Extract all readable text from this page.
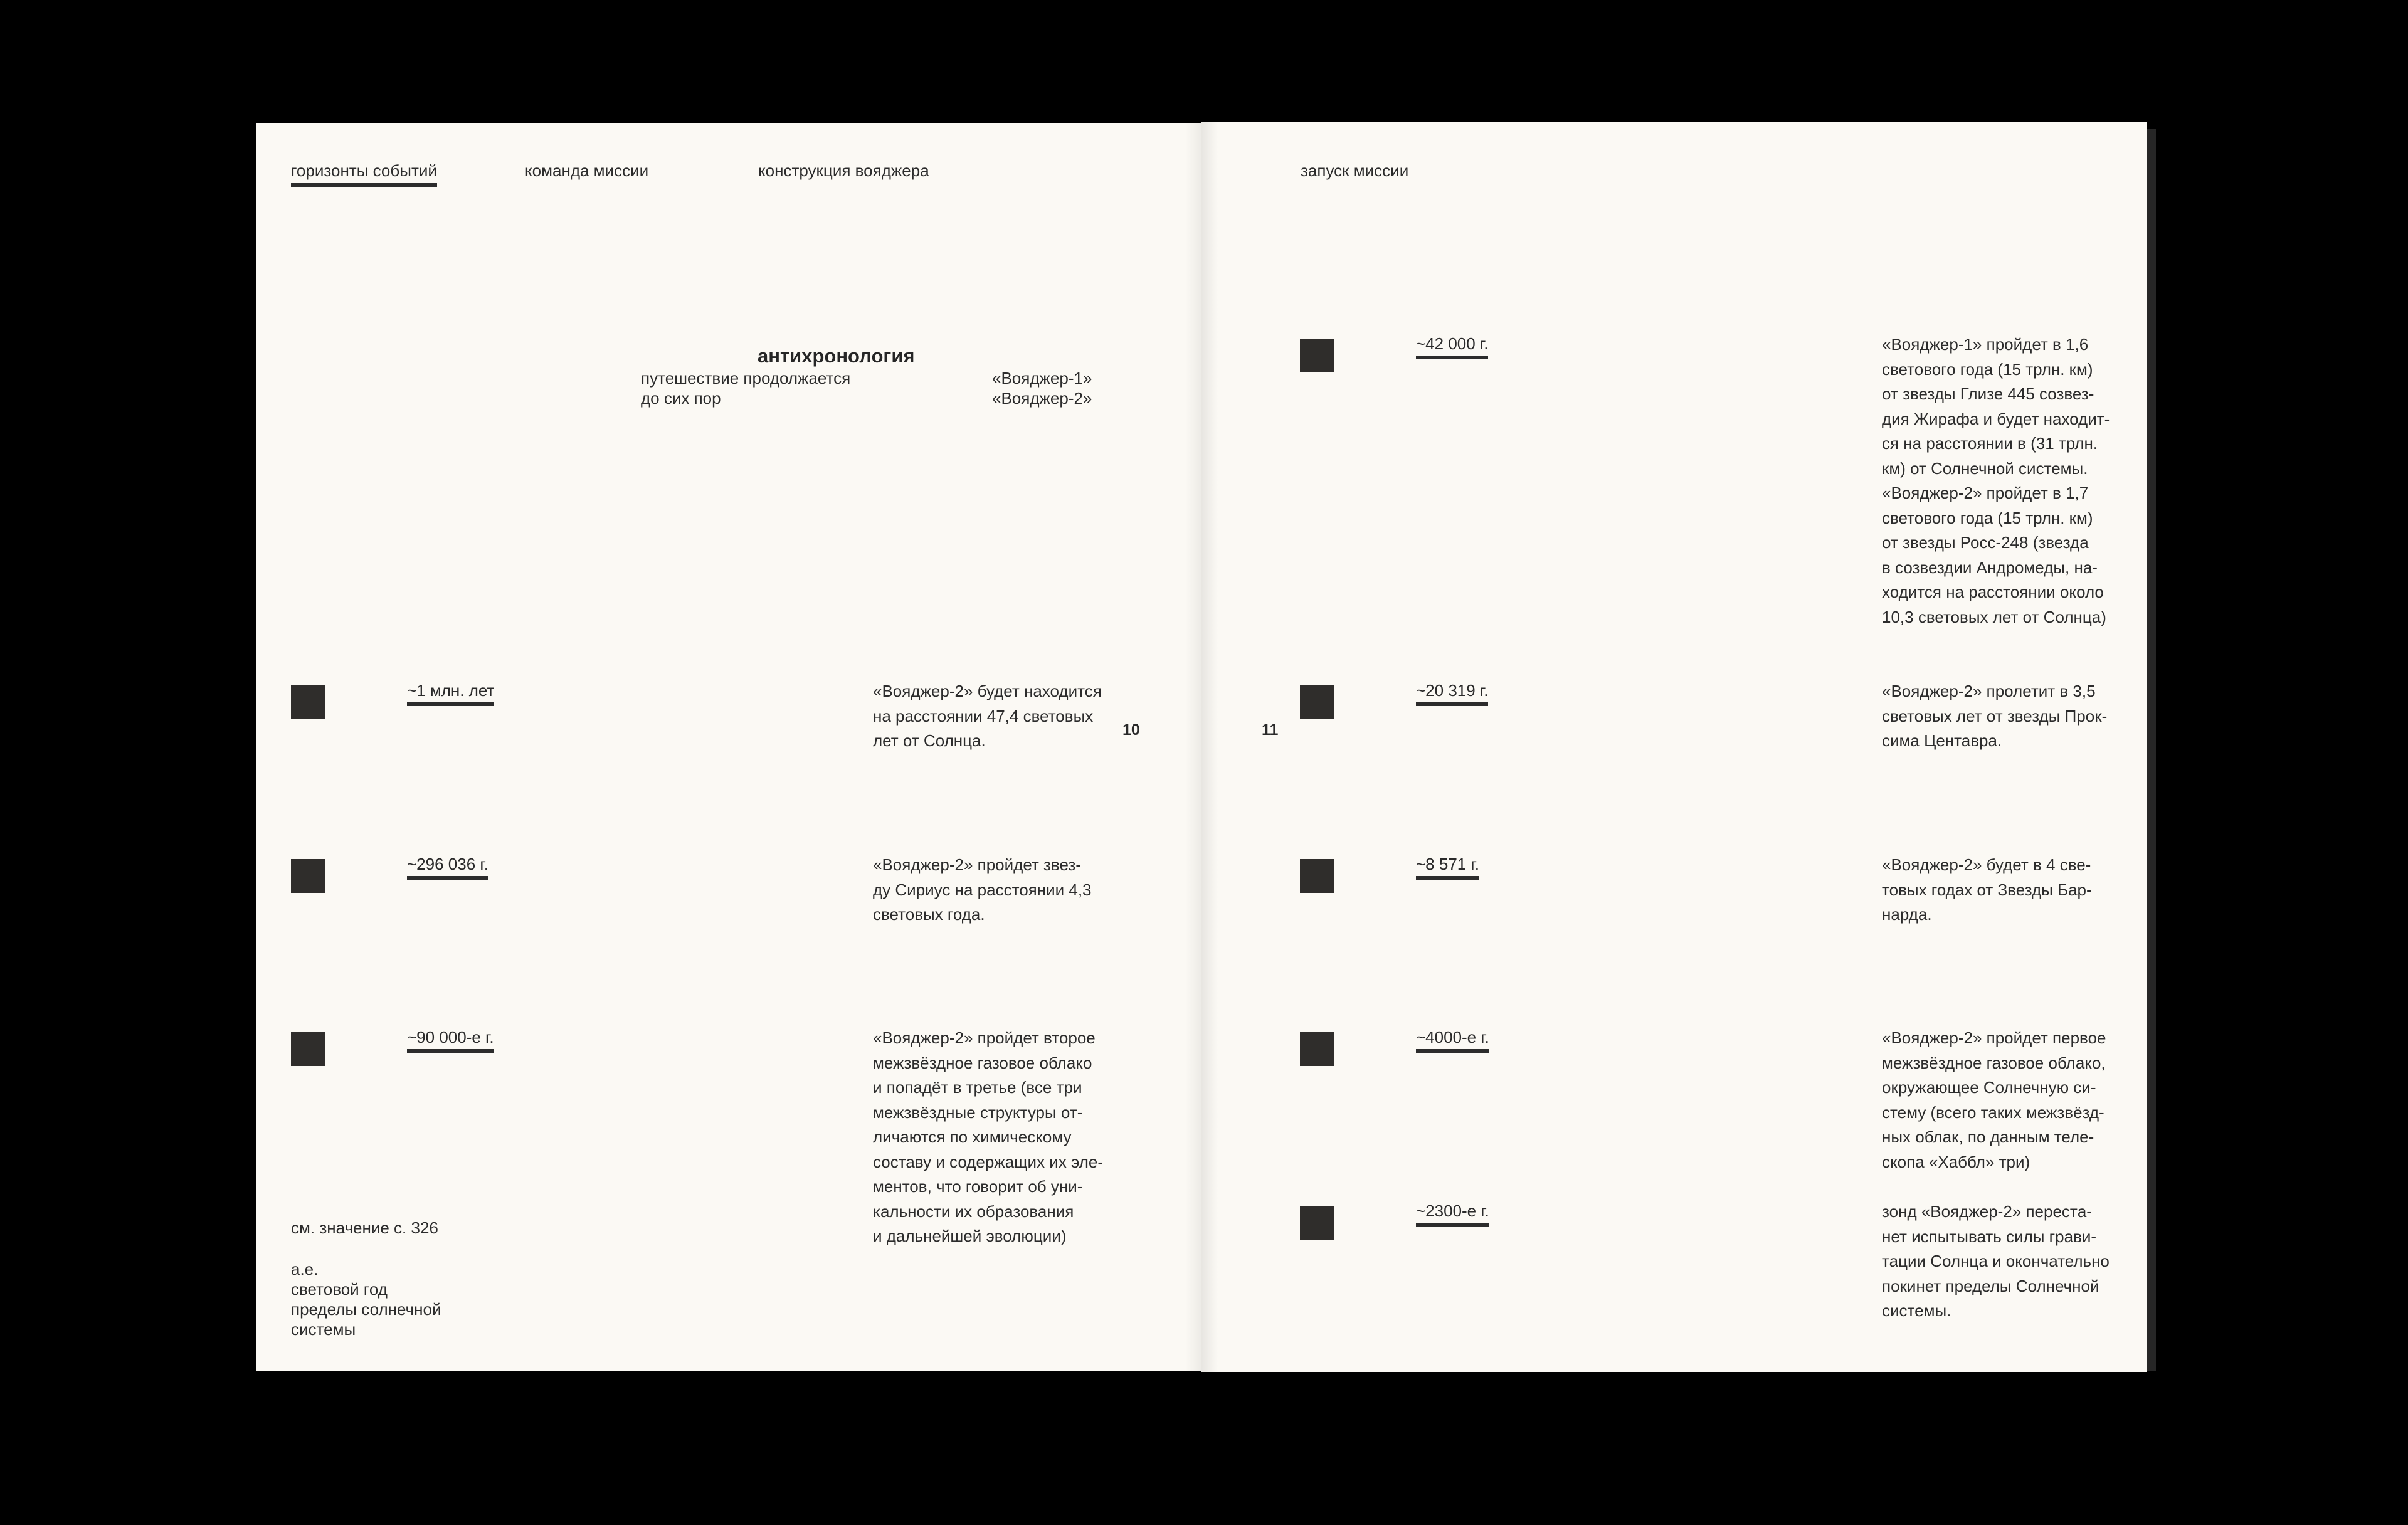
горизонты событий	команда миссии	конструкция вояджера
антихронология
путешествие продолжается
до сих пор
«Вояджер-1»
«Вояджер-2»
~1 млн. лет	«Вояджер-2» будет находится
на расстоянии 47,4 световых
лет от Солнца.
~296 036 г.	«Вояджер-2» пройдет звез-
ду Сириус на расстоянии 4,3
световых года.
~90 000-е г.	«Вояджер-2» пройдет второе
межзвёздное газовое облако
и попадёт в третье (все три
межзвёздные структуры от-
личаются по химическому
составу и содержащих их эле-
ментов, что говорит об уни-
кальности их образования
и дальнейшей эволюции)
10
см. значение с. 326
а.е.
световой год
пределы солнечной
системы
запуск миссии
11
~42 000 г.	«Вояджер-1» пройдет в 1,6
светового года (15 трлн. км)
от звезды Глизе 445 созвез-
дия Жирафа и будет находит-
ся на расстоянии в (31 трлн.
км) от Солнечной системы.
«Вояджер-2» пройдет в 1,7
светового года (15 трлн. км)
от звезды Росс-248 (звезда
в созвездии Андромеды, на-
ходится на расстоянии около
10,3 световых лет от Солнца)
~20 319 г.	«Вояджер-2» пролетит в 3,5
световых лет от звезды Прок-
сима Центавра.
~8 571 г.	«Вояджер-2» будет в 4 све-
товых годах от Звезды Бар-
нарда.
~4000-е г.	«Вояджер-2» пройдет первое
межзвёздное газовое облако,
окружающее Солнечную си-
стему (всего таких межзвёзд-
ных облак, по данным теле-
скопа «Хаббл» три)
~2300-е г.	зонд «Вояджер-2» перестa-
нет испытывать силы грави-
тации Солнца и окончательно
покинет пределы Солнечной
системы.
